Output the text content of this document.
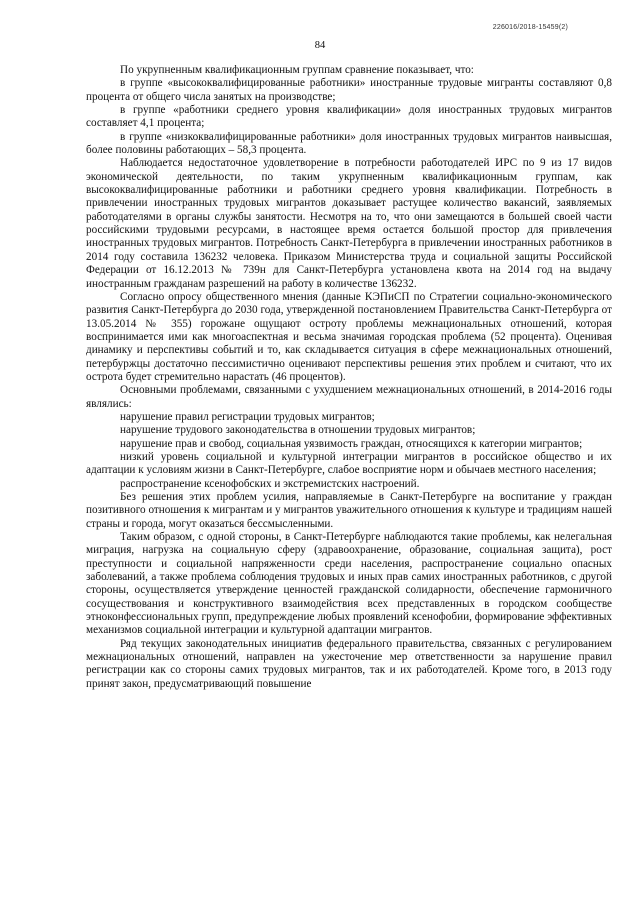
226016/2018-15459(2)
84

По укрупненным квалификационным группам сравнение показывает, что:

в группе «высококвалифицированные работники» иностранные трудовые мигранты составляют 0,8 процента от общего числа занятых на производстве;

в группе «работники среднего уровня квалификации» доля иностранных трудовых мигрантов составляет 4,1 процента;

в группе «низкоквалифицированные работники» доля иностранных трудовых мигрантов наивысшая, более половины работающих – 58,3 процента.

Наблюдается недостаточное удовлетворение в потребности работодателей ИРС по 9 из 17 видов экономической деятельности, по таким укрупненным квалификационным группам, как высококвалифицированные работники и работники среднего уровня квалификации. Потребность в привлечении иностранных трудовых мигрантов доказывает растущее количество вакансий, заявляемых работодателями в органы службы занятости. Несмотря на то, что они замещаются в большей своей части российскими трудовыми ресурсами, в настоящее время остается большой простор для привлечения иностранных трудовых мигрантов. Потребность Санкт-Петербурга в привлечении иностранных работников в 2014 году составила 136232 человека. Приказом Министерства труда и социальной защиты Российской Федерации от 16.12.2013 № 739н для Санкт-Петербурга установлена квота на 2014 год на выдачу иностранным гражданам разрешений на работу в количестве 136232.

Согласно опросу общественного мнения (данные КЭПиСП по Стратегии социально-экономического развития Санкт-Петербурга до 2030 года, утвержденной постановлением Правительства Санкт-Петербурга от 13.05.2014 № 355) горожане ощущают остроту проблемы межнациональных отношений, которая воспринимается ими как многоаспектная и весьма значимая городская проблема (52 процента). Оценивая динамику и перспективы событий и то, как складывается ситуация в сфере межнациональных отношений, петербуржцы достаточно пессимистично оценивают перспективы решения этих проблем и считают, что их острота будет стремительно нарастать (46 процентов).

Основными проблемами, связанными с ухудшением межнациональных отношений, в 2014-2016 годы являлись:

нарушение правил регистрации трудовых мигрантов;

нарушение трудового законодательства в отношении трудовых мигрантов;

нарушение прав и свобод, социальная уязвимость граждан, относящихся к категории мигрантов;

низкий уровень социальной и культурной интеграции мигрантов в российское общество и их адаптации к условиям жизни в Санкт-Петербурге, слабое восприятие норм и обычаев местного населения;

распространение ксенофобских и экстремистских настроений.

Без решения этих проблем усилия, направляемые в Санкт-Петербурге на воспитание у граждан позитивного отношения к мигрантам и у мигрантов уважительного отношения к культуре и традициям нашей страны и города, могут оказаться бессмысленными.

Таким образом, с одной стороны, в Санкт-Петербурге наблюдаются такие проблемы, как нелегальная миграция, нагрузка на социальную сферу (здравоохранение, образование, социальная защита), рост преступности и социальной напряженности среди населения, распространение социально опасных заболеваний, а также проблема соблюдения трудовых и иных прав самих иностранных работников, с другой стороны, осуществляется утверждение ценностей гражданской солидарности, обеспечение гармоничного сосуществования и конструктивного взаимодействия всех представленных в городском сообществе этноконфессиональных групп, предупреждение любых проявлений ксенофобии, формирование эффективных механизмов социальной интеграции и культурной адаптации мигрантов.

Ряд текущих законодательных инициатив федерального правительства, связанных с регулированием межнациональных отношений, направлен на ужесточение мер ответственности за нарушение правил регистрации как со стороны самих трудовых мигрантов, так и их работодателей. Кроме того, в 2013 году принят закон, предусматривающий повышение
